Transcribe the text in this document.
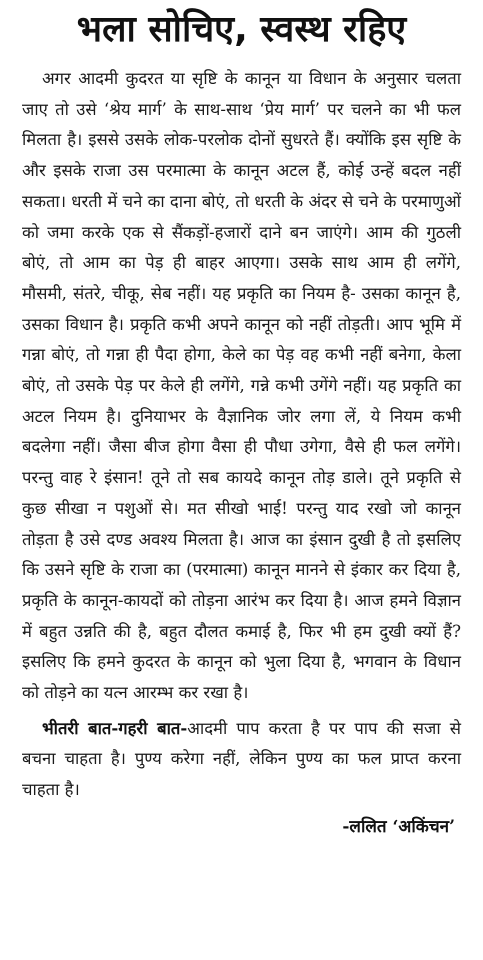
भला सोचिए, स्वस्थ रहिए

अगर आदमी कुदरत या सृष्टि के कानून या विधान के अनुसार चलता जाए तो उसे ‘श्रेय मार्ग’ के साथ-साथ ‘प्रेय मार्ग’ पर चलने का भी फल मिलता है। इससे उसके लोक-परलोक दोनों सुधरते हैं। क्योंकि इस सृष्टि के और इसके राजा उस परमात्मा के कानून अटल हैं, कोई उन्हें बदल नहीं सकता। धरती में चने का दाना बोएं, तो धरती के अंदर से चने के परमाणुओं को जमा करके एक से सैंकड़ों-हजारों दाने बन जाएंगे। आम की गुठली बोएं, तो आम का पेड़ ही बाहर आएगा। उसके साथ आम ही लगेंगे, मौसमी, संतरे, चीकू, सेब नहीं। यह प्रकृति का नियम है- उसका कानून है, उसका विधान है। प्रकृति कभी अपने कानून को नहीं तोड़ती। आप भूमि में गन्ना बोएं, तो गन्ना ही पैदा होगा, केले का पेड़ वह कभी नहीं बनेगा, केला बोएं, तो उसके पेड़ पर केले ही लगेंगे, गन्ने कभी उगेंगे नहीं। यह प्रकृति का अटल नियम है। दुनियाभर के वैज्ञानिक जोर लगा लें, ये नियम कभी बदलेगा नहीं। जैसा बीज होगा वैसा ही पौधा उगेगा, वैसे ही फल लगेंगे। परन्तु वाह रे इंसान! तूने तो सब कायदे कानून तोड़ डाले। तूने प्रकृति से कुछ सीखा न पशुओं से। मत सीखो भाई! परन्तु याद रखो जो कानून तोड़ता है उसे दण्ड अवश्य मिलता है। आज का इंसान दुखी है तो इसलिए कि उसने सृष्टि के राजा का (परमात्मा) कानून मानने से इंकार कर दिया है, प्रकृति के कानून-कायदों को तोड़ना आरंभ कर दिया है। आज हमने विज्ञान में बहुत उन्नति की है, बहुत दौलत कमाई है, फिर भी हम दुखी क्यों हैं? इसलिए कि हमने कुदरत के कानून को भुला दिया है, भगवान के विधान को तोड़ने का यत्न आरम्भ कर रखा है।

भीतरी बात-गहरी बात-आदमी पाप करता है पर पाप की सजा से बचना चाहता है। पुण्य करेगा नहीं, लेकिन पुण्य का फल प्राप्त करना चाहता है।

-ललित ‘अकिंचन’
